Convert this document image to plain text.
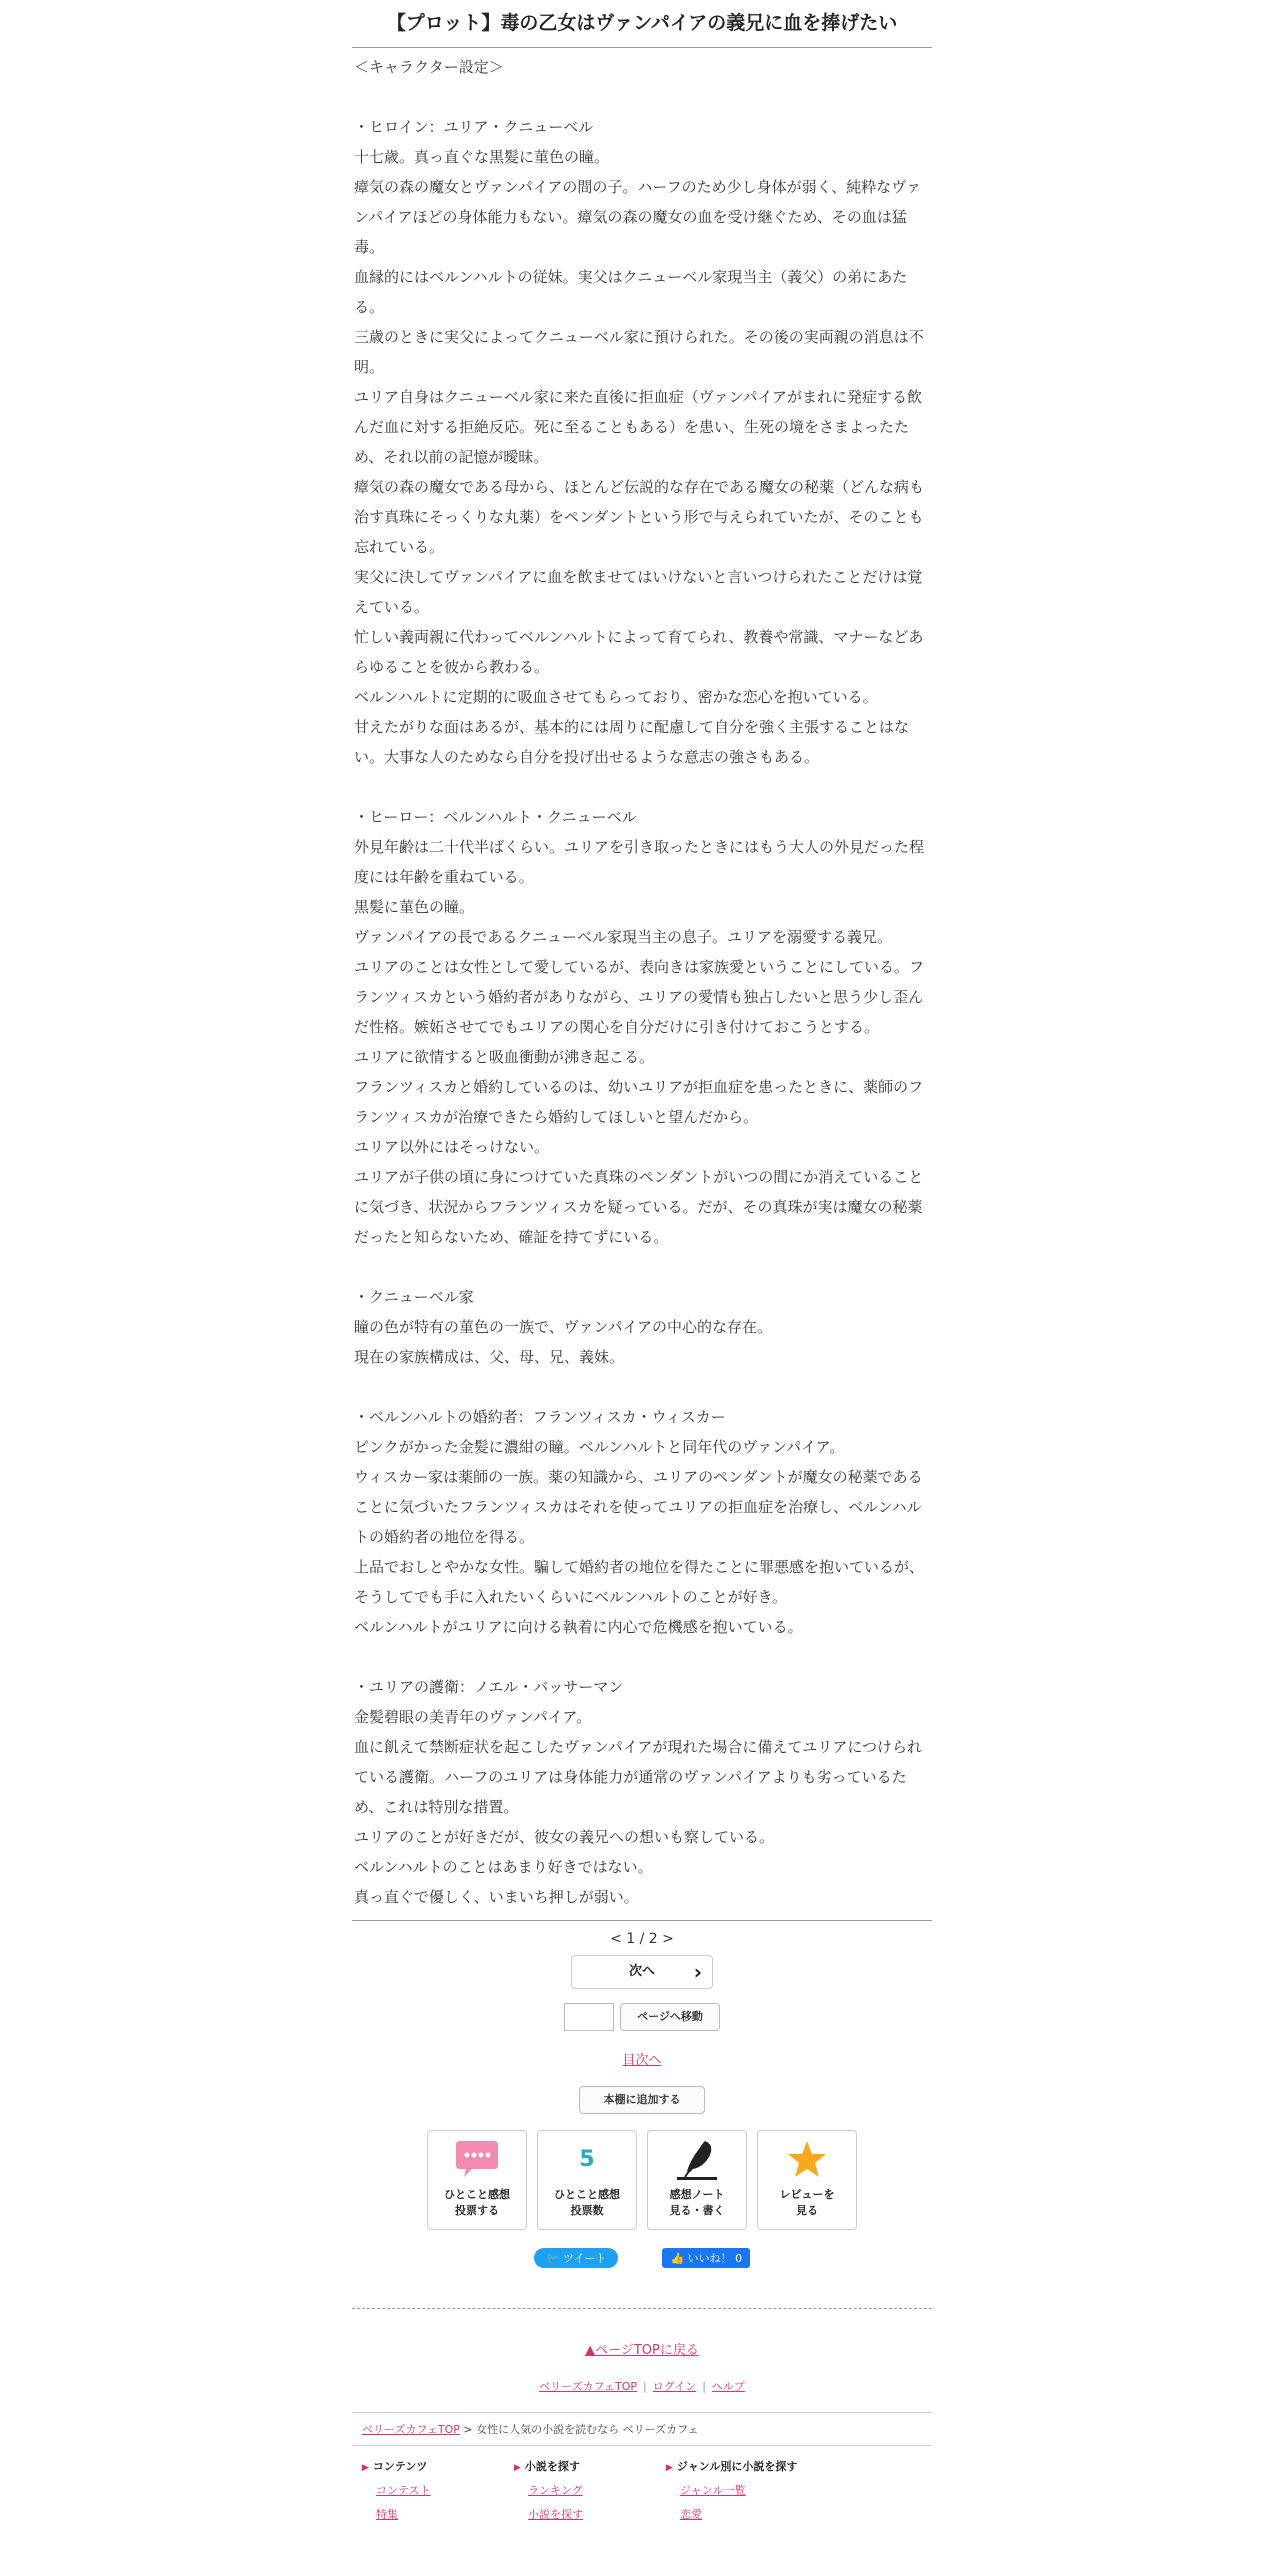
【プロット】毒の乙女はヴァンパイアの義兄に血を捧げたい

＜キャラクター設定＞

・ヒロイン：ユリア・クニューベル

十七歳。真っ直ぐな黒髪に菫色の瞳。

瘴気の森の魔女とヴァンパイアの間の子。ハーフのため少し身体が弱く、純粋なヴァンパイアほどの身体能力もない。瘴気の森の魔女の血を受け継ぐため、その血は猛毒。

血縁的にはベルンハルトの従妹。実父はクニューベル家現当主（義父）の弟にあたる。

三歳のときに実父によってクニューベル家に預けられた。その後の実両親の消息は不明。

ユリア自身はクニューベル家に来た直後に拒血症（ヴァンパイアがまれに発症する飲んだ血に対する拒絶反応。死に至ることもある）を患い、生死の境をさまよったため、それ以前の記憶が曖昧。

瘴気の森の魔女である母から、ほとんど伝説的な存在である魔女の秘薬（どんな病も治す真珠にそっくりな丸薬）をペンダントという形で与えられていたが、そのことも忘れている。

実父に決してヴァンパイアに血を飲ませてはいけないと言いつけられたことだけは覚えている。

忙しい義両親に代わってベルンハルトによって育てられ、教養や常識、マナーなどあらゆることを彼から教わる。

ベルンハルトに定期的に吸血させてもらっており、密かな恋心を抱いている。

甘えたがりな面はあるが、基本的には周りに配慮して自分を強く主張することはない。大事な人のためなら自分を投げ出せるような意志の強さもある。

・ヒーロー：ベルンハルト・クニューベル

外見年齢は二十代半ばくらい。ユリアを引き取ったときにはもう大人の外見だった程度には年齢を重ねている。

黒髪に菫色の瞳。

ヴァンパイアの長であるクニューベル家現当主の息子。ユリアを溺愛する義兄。

ユリアのことは女性として愛しているが、表向きは家族愛ということにしている。フランツィスカという婚約者がありながら、ユリアの愛情も独占したいと思う少し歪んだ性格。嫉妬させてでもユリアの関心を自分だけに引き付けておこうとする。

ユリアに欲情すると吸血衝動が沸き起こる。

フランツィスカと婚約しているのは、幼いユリアが拒血症を患ったときに、薬師のフランツィスカが治療できたら婚約してほしいと望んだから。

ユリア以外にはそっけない。

ユリアが子供の頃に身につけていた真珠のペンダントがいつの間にか消えていることに気づき、状況からフランツィスカを疑っている。だが、その真珠が実は魔女の秘薬だったと知らないため、確証を持てずにいる。

・クニューベル家

瞳の色が特有の菫色の一族で、ヴァンパイアの中心的な存在。

現在の家族構成は、父、母、兄、義妹。

・ベルンハルトの婚約者：フランツィスカ・ウィスカー

ピンクがかった金髪に濃紺の瞳。ベルンハルトと同年代のヴァンパイア。

ウィスカー家は薬師の一族。薬の知識から、ユリアのペンダントが魔女の秘薬であることに気づいたフランツィスカはそれを使ってユリアの拒血症を治療し、ベルンハルトの婚約者の地位を得る。

上品でおしとやかな女性。騙して婚約者の地位を得たことに罪悪感を抱いているが、そうしてでも手に入れたいくらいにベルンハルトのことが好き。

ベルンハルトがユリアに向ける執着に内心で危機感を抱いている。

・ユリアの護衛：ノエル・バッサーマン

金髪碧眼の美青年のヴァンパイア。

血に飢えて禁断症状を起こしたヴァンパイアが現れた場合に備えてユリアにつけられている護衛。ハーフのユリアは身体能力が通常のヴァンパイアよりも劣っているため、これは特別な措置。

ユリアのことが好きだが、彼女の義兄への想いも察している。

ベルンハルトのことはあまり好きではない。

真っ直ぐで優しく、いまいち押しが弱い。

< 1 / 2 >
次へ ›
ページへ移動
目次へ
本棚に追加する
ひとこと感想
投票する
5
ひとこと感想
投票数
感想ノート
見る・書く
レビューを
見る
🐦 ツイート	👍 いいね！ 0
▲ページTOPに戻る
ベリーズカフェTOP | ログイン | ヘルプ
ベリーズカフェTOP > 女性に人気の小説を読むなら ベリーズカフェ
▶ コンテンツ
コンテスト
特集
▶ 小説を探す
ランキング
小説を探す
▶ ジャンル別に小説を探す
ジャンル一覧
恋愛
